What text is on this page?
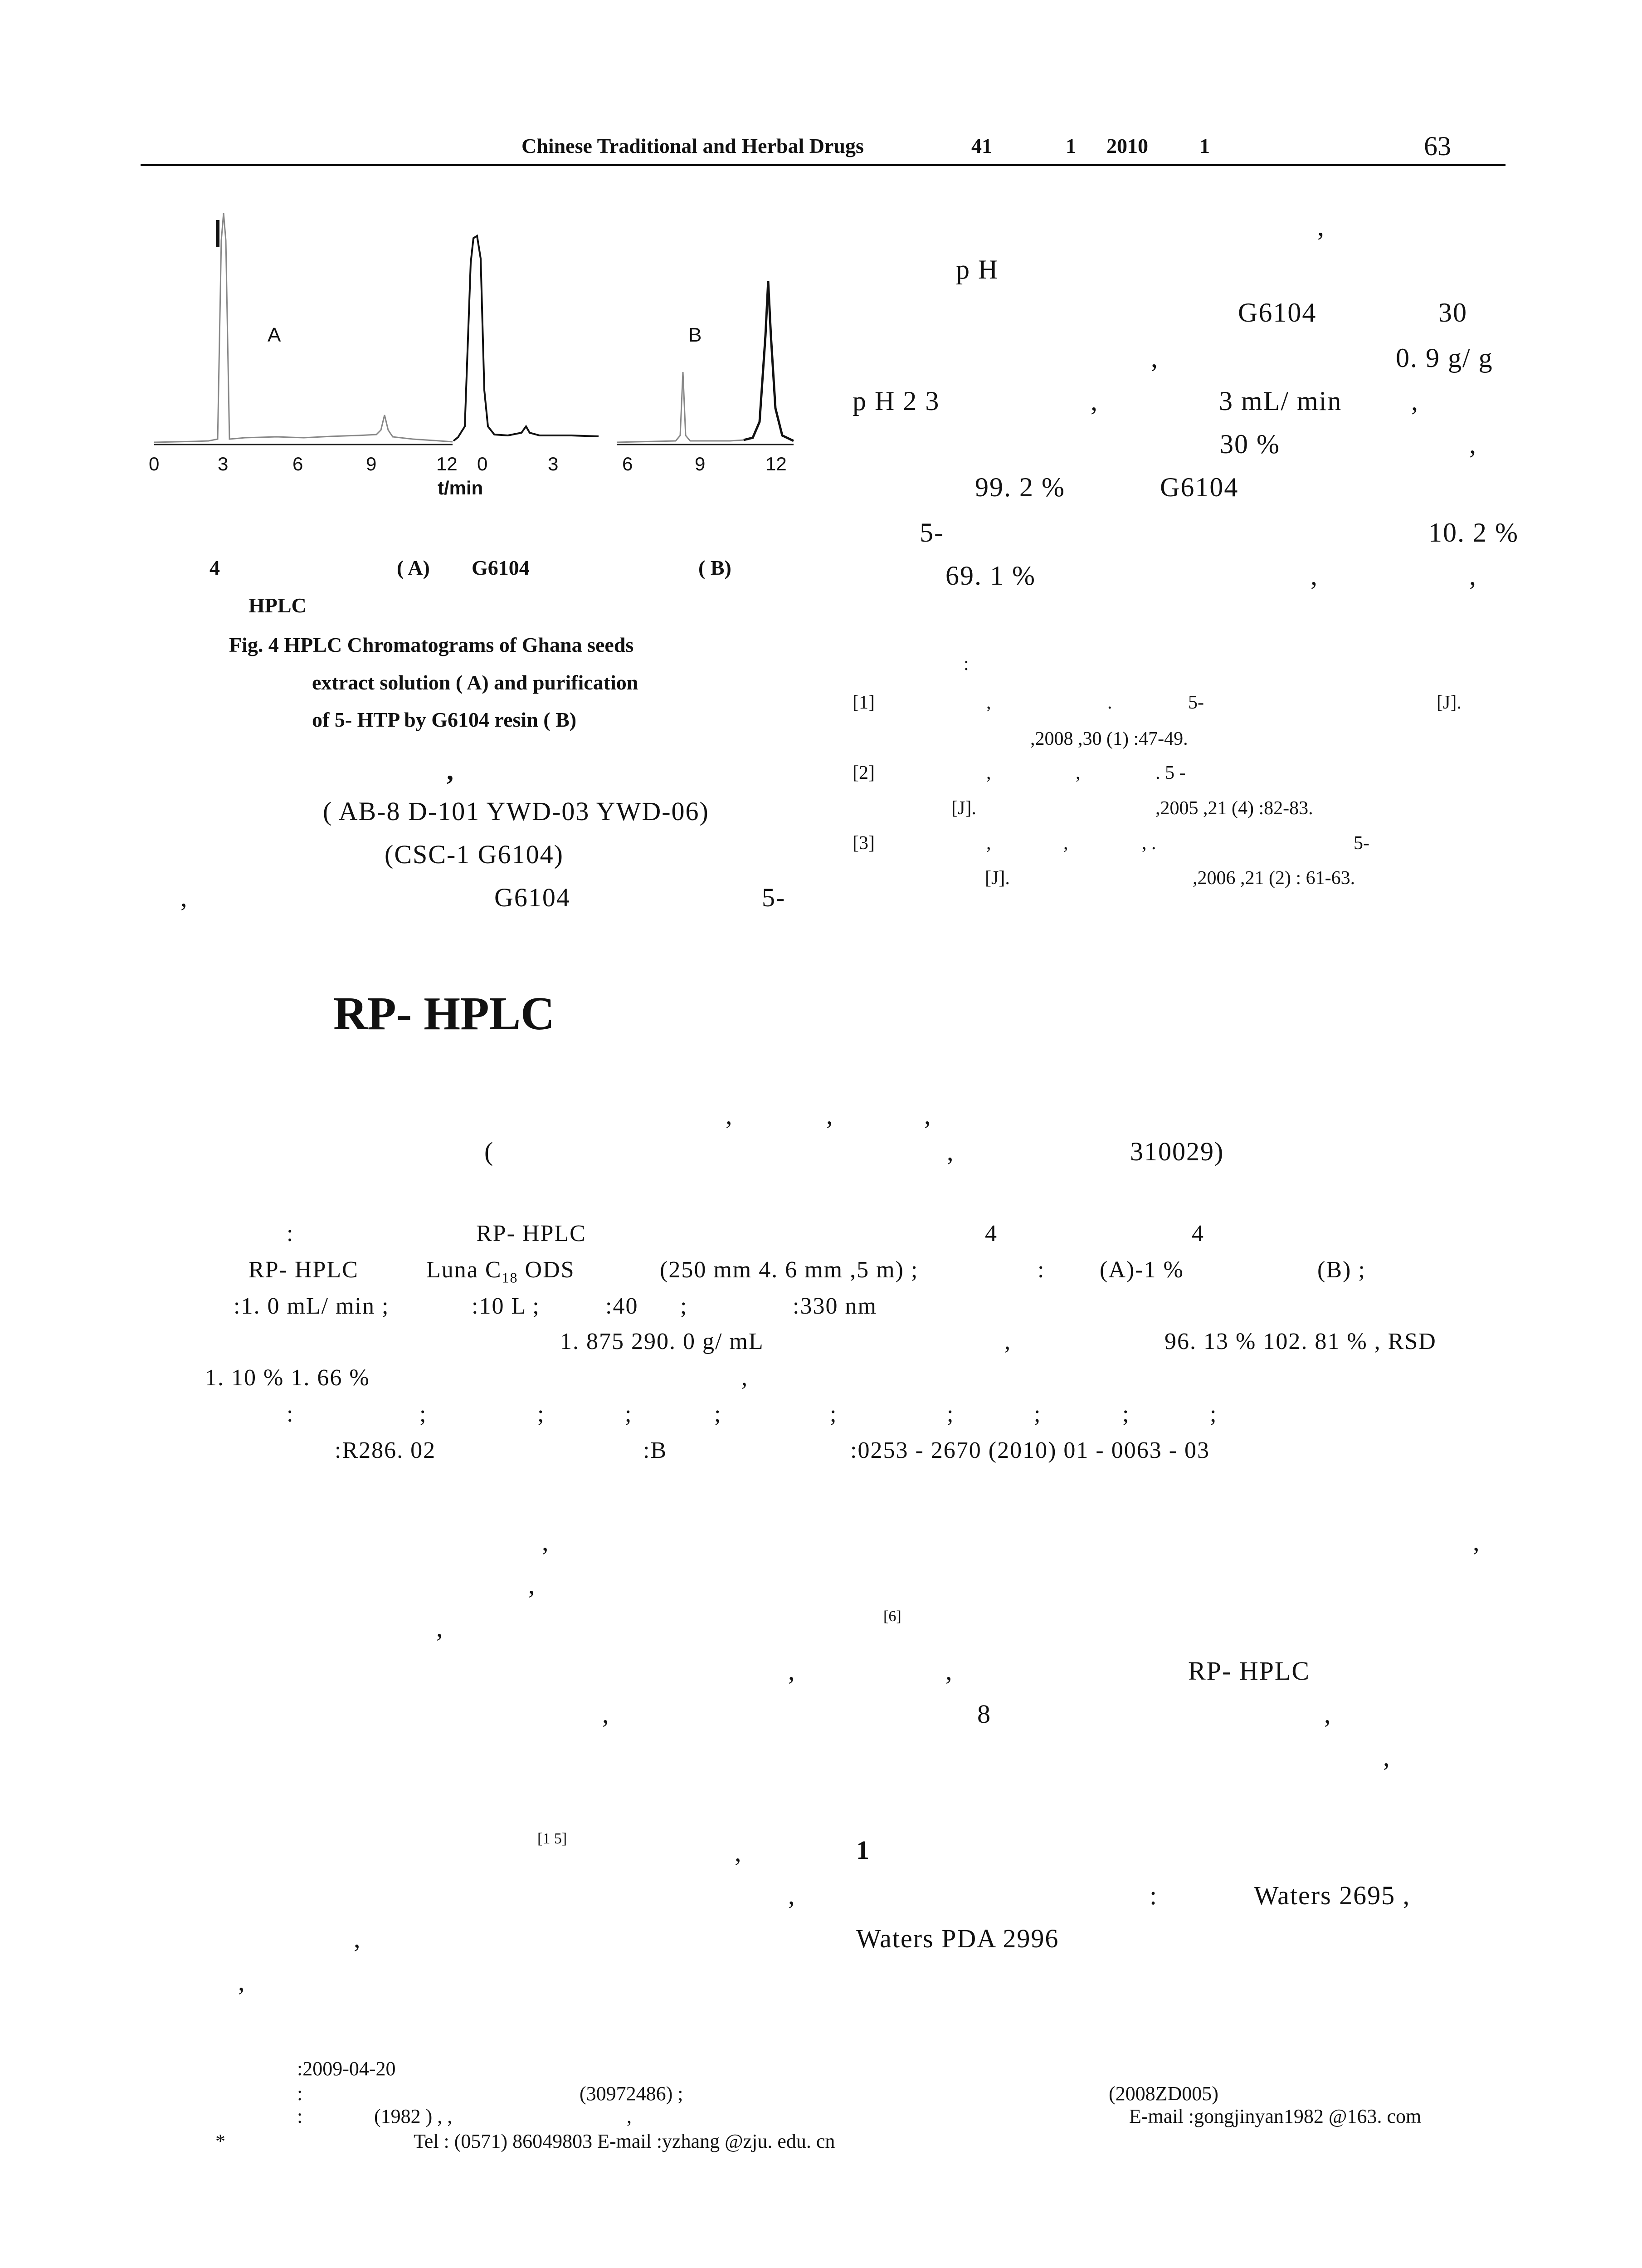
Chinese Traditional and Herbal Drugs	41	1 2010 1	63
A	B
0	3	6	9	12 0	3	6	9	12
t/min
4	( A) G6104	( B)
HPLC
Fig. 4 HPLC Chromatograms of Ghana seeds
extract solution ( A) and purification
of 5- HTP by G6104 resin ( B)
,
( AB-8 D-101 YWD-03 YWD-06)
(CSC-1 G6104)
,	G6104	5-
,
p H
G6104	30
,	0. 9 g/ g
p H 2 3	,	3 mL/ min	,
30 %	,
99. 2 %	G6104
5-	10. 2 %
69. 1 %	,	,
:
[1]	,	.	5-	[J].
,2008 ,30 (1) :47-49.
[2]	,	,	. 5 -
[J].	,2005 ,21 (4) :82-83.
[3]	,	,	, .	5-
[J].	,2006 ,21 (2) : 61-63.
RP- HPLC
,	,	,
(	,	310029)
:	RP- HPLC	4	4
RP- HPLC	Luna $C_{18}$ ODS	(250 mm 4. 6 mm ,5 m) ;	: (A)-1 %	(B) ;
:1. 0 mL/ min ;	:10 L ;	:40 ;	:330 nm
1. 875 290. 0 g/ mL	,	96. 13 % 102. 81 % , RSD
1. 10 % 1. 66 %	,
:	;	;	;	;	;	;	;	;	;
:R286. 02	:B	:0253 - 2670 (2010) 01 - 0063 - 03
,	,
,
,	[6]
,	,	RP- HPLC
,	8	,
,
[1 5]	,	1
,	:	Waters 2695 ,
,	Waters PDA 2996
,
:2009-04-20
:	(30972486) ;	(2008ZD005)
:	(1982 ) , ,	,	E-mail :gongjinyan1982 @163. com
*	Tel : (0571) 86049803 E-mail :yzhang @zju. edu. cn
